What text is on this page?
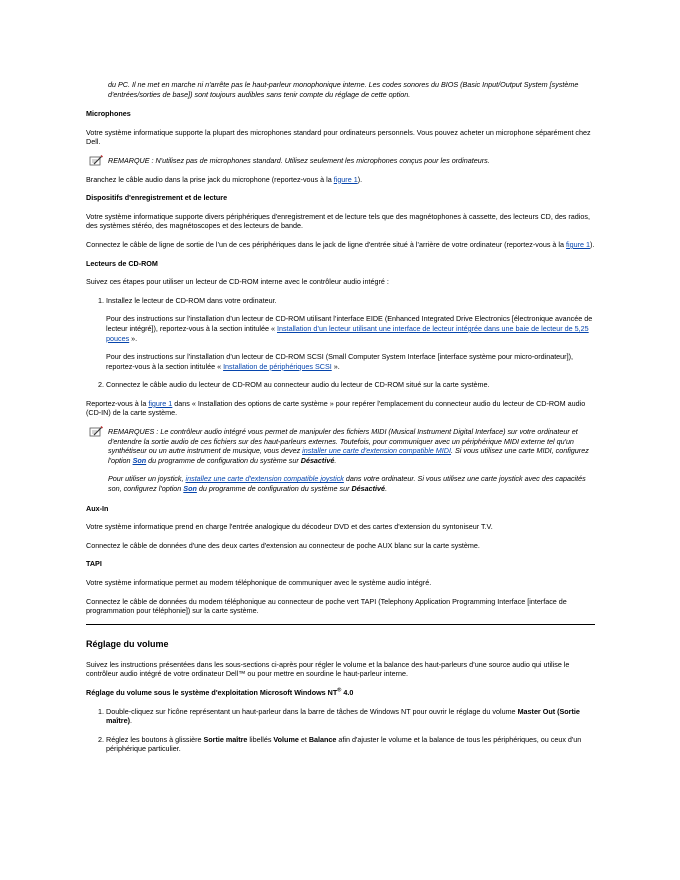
du PC. Il ne met en marche ni n'arrête pas le haut-parleur monophonique interne. Les codes sonores du BIOS (Basic Input/Output System [système d'entrées/sorties de base]) sont toujours audibles sans tenir compte du réglage de cette option.

Microphones

Votre système informatique supporte la plupart des microphones standard pour ordinateurs personnels. Vous pouvez acheter un microphone séparément chez Dell.

REMARQUE : N'utilisez pas de microphones standard. Utilisez seulement les microphones conçus pour les ordinateurs.

Branchez le câble audio dans la prise jack du microphone (reportez-vous à la figure 1).

Dispositifs d'enregistrement et de lecture

Votre système informatique supporte divers périphériques d'enregistrement et de lecture tels que des magnétophones à cassette, des lecteurs CD, des radios, des systèmes stéréo, des magnétoscopes et des lecteurs de bande.

Connectez le câble de ligne de sortie de l’un de ces périphériques dans le jack de ligne d'entrée situé à l’arrière de votre ordinateur (reportez-vous à la figure 1).

Lecteurs de CD-ROM

Suivez ces étapes pour utiliser un lecteur de CD-ROM interne avec le contrôleur audio intégré :

1. Installez le lecteur de CD-ROM dans votre ordinateur.

Pour des instructions sur l’installation d’un lecteur de CD-ROM utilisant l’interface EIDE (Enhanced Integrated Drive Electronics [électronique avancée de lecteur intégré]), reportez-vous à la section intitulée « Installation d’un lecteur utilisant une interface de lecteur intégrée dans une baie de lecteur de 5,25 pouces ».

Pour des instructions sur l’installation d’un lecteur de CD-ROM SCSI (Small Computer System Interface [interface système pour micro-ordinateur]), reportez-vous à la section intitulée « Installation de périphériques SCSI ».

2. Connectez le câble audio du lecteur de CD-ROM au connecteur audio du lecteur de CD-ROM situé sur la carte système.

Reportez-vous à la figure 1 dans « Installation des options de carte système » pour repérer l'emplacement du connecteur audio du lecteur de CD-ROM audio (CD-IN) de la carte système.

REMARQUES : Le contrôleur audio intégré vous permet de manipuler des fichiers MIDI (Musical Instrument Digital Interface) sur votre ordinateur et d'entendre la sortie audio de ces fichiers sur des haut-parleurs externes. Toutefois, pour communiquer avec un périphérique MIDI externe tel qu'un synthétiseur ou un autre instrument de musique, vous devez installer une carte d'extension compatible MIDI. Si vous utilisez une carte MIDI, configurez l'option Son du programme de configuration du système sur Désactivé.

Pour utiliser un joystick, installez une carte d'extension compatible joystick dans votre ordinateur. Si vous utilisez une carte joystick avec des capacités son, configurez l'option Son du programme de configuration du système sur Désactivé.

Aux-In

Votre système informatique prend en charge l'entrée analogique du décodeur DVD et des cartes d'extension du syntoniseur T.V.

Connectez le câble de données d'une des deux cartes d'extension au connecteur de poche AUX blanc sur la carte système.

TAPI

Votre système informatique permet au modem téléphonique de communiquer avec le système audio intégré.

Connectez le câble de données du modem téléphonique au connecteur de poche vert TAPI (Telephony Application Programming Interface [interface de programmation pour téléphonie]) sur la carte système.

Réglage du volume

Suivez les instructions présentées dans les sous-sections ci-après pour régler le volume et la balance des haut-parleurs d’une source audio qui utilise le contrôleur audio intégré de votre ordinateur Dell™ ou pour mettre en sourdine le haut-parleur interne.

Réglage du volume sous le système d'exploitation Microsoft Windows NT® 4.0

1. Double-cliquez sur l'icône représentant un haut-parleur dans la barre de tâches de Windows NT pour ouvrir le réglage du volume Master Out (Sortie maître).
2. Réglez les boutons à glissière Sortie maître libellés Volume et Balance afin d'ajuster le volume et la balance de tous les périphériques, ou ceux d'un périphérique particulier.
